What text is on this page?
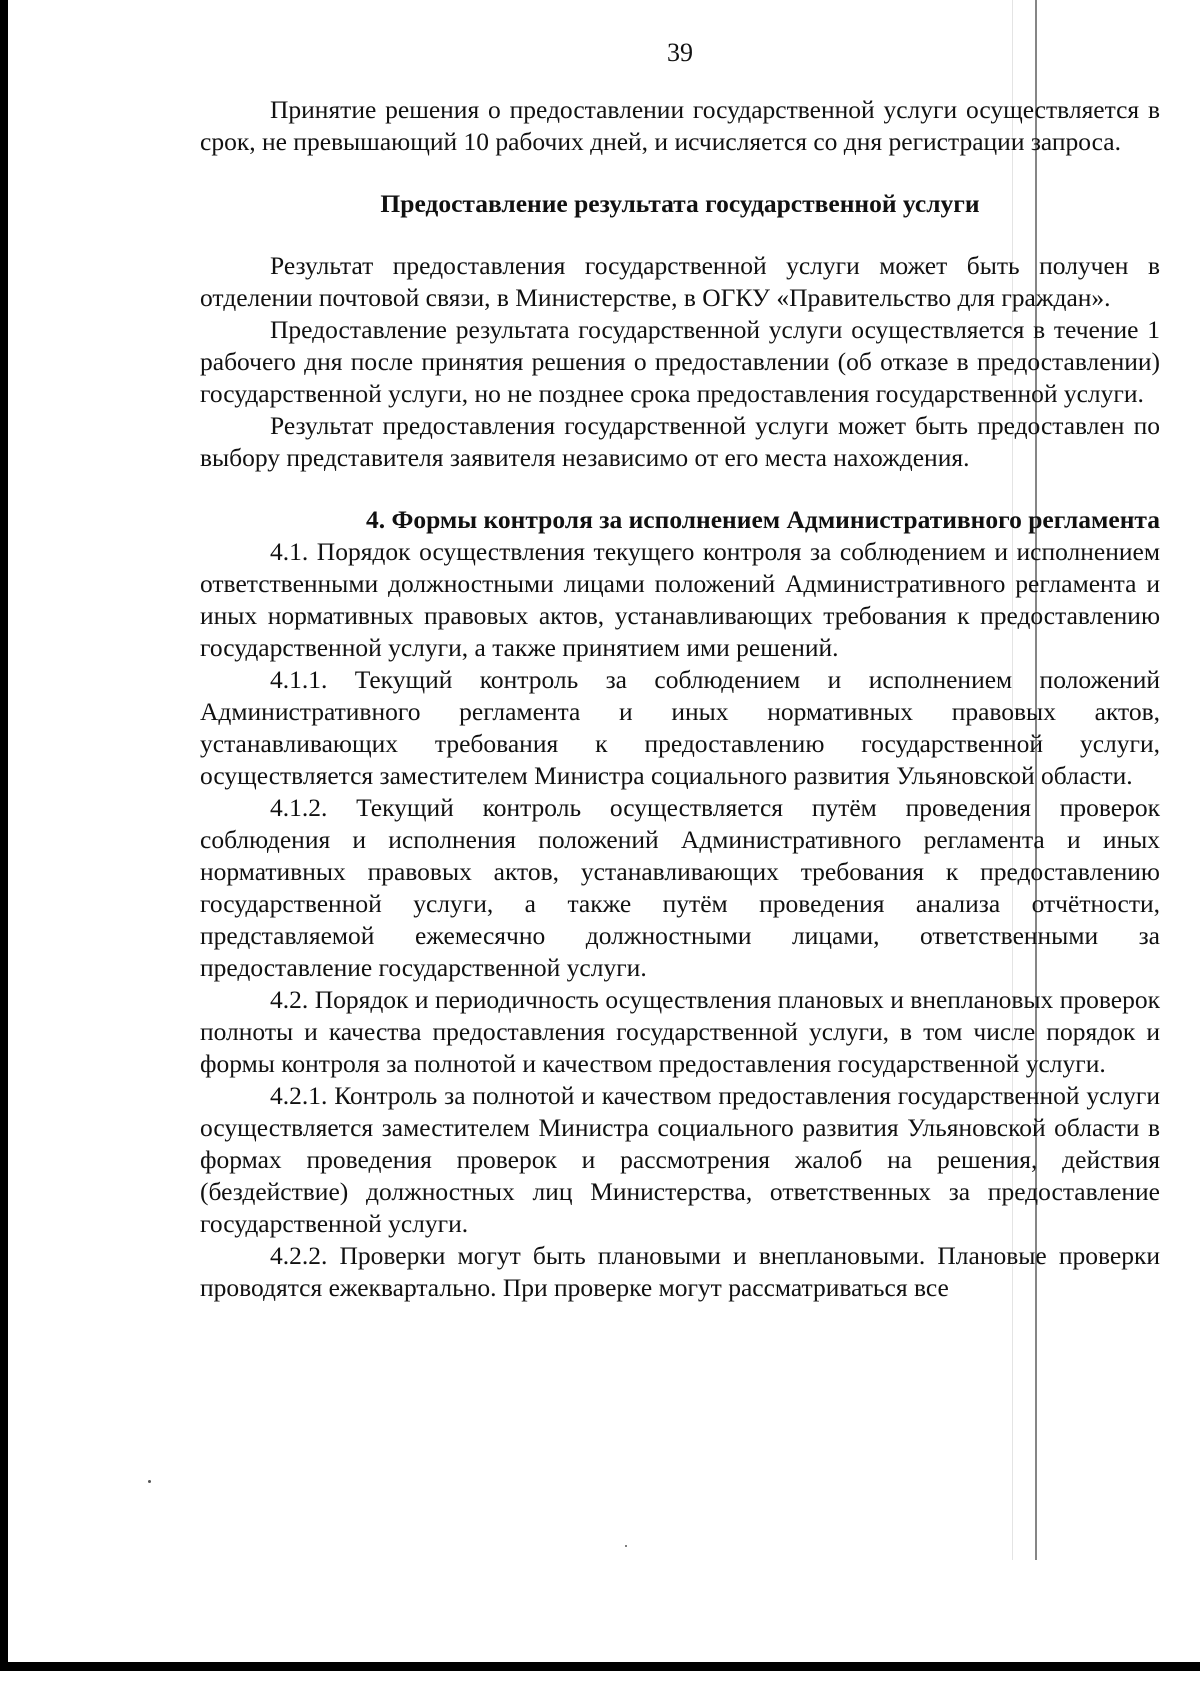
39

Принятие решения о предоставлении государственной услуги осуществляется в срок, не превышающий 10 рабочих дней, и исчисляется со дня регистрации запроса.

Предоставление результата государственной услуги

Результат предоставления государственной услуги может быть получен в отделении почтовой связи, в Министерстве, в ОГКУ «Правительство для граждан».

Предоставление результата государственной услуги осуществляется в течение 1 рабочего дня после принятия решения о предоставлении (об отказе в предоставлении) государственной услуги, но не позднее срока предоставления государственной услуги.

Результат предоставления государственной услуги может быть предоставлен по выбору представителя заявителя независимо от его места нахождения.

4. Формы контроля за исполнением Административного регламента

4.1. Порядок осуществления текущего контроля за соблюдением и исполнением ответственными должностными лицами положений Административного регламента и иных нормативных правовых актов, устанавливающих требования к предоставлению государственной услуги, а также принятием ими решений.

4.1.1. Текущий контроль за соблюдением и исполнением положений Административного регламента и иных нормативных правовых актов, устанавливающих требования к предоставлению государственной услуги, осуществляется заместителем Министра социального развития Ульяновской области.

4.1.2. Текущий контроль осуществляется путём проведения проверок соблюдения и исполнения положений Административного регламента и иных нормативных правовых актов, устанавливающих требования к предоставлению государственной услуги, а также путём проведения анализа отчётности, представляемой ежемесячно должностными лицами, ответственными за предоставление государственной услуги.

4.2. Порядок и периодичность осуществления плановых и внеплановых проверок полноты и качества предоставления государственной услуги, в том числе порядок и формы контроля за полнотой и качеством предоставления государственной услуги.

4.2.1. Контроль за полнотой и качеством предоставления государственной услуги осуществляется заместителем Министра социального развития Ульяновской области в формах проведения проверок и рассмотрения жалоб на решения, действия (бездействие) должностных лиц Министерства, ответственных за предоставление государственной услуги.

4.2.2. Проверки могут быть плановыми и внеплановыми. Плановые проверки проводятся ежеквартально. При проверке могут рассматриваться все
